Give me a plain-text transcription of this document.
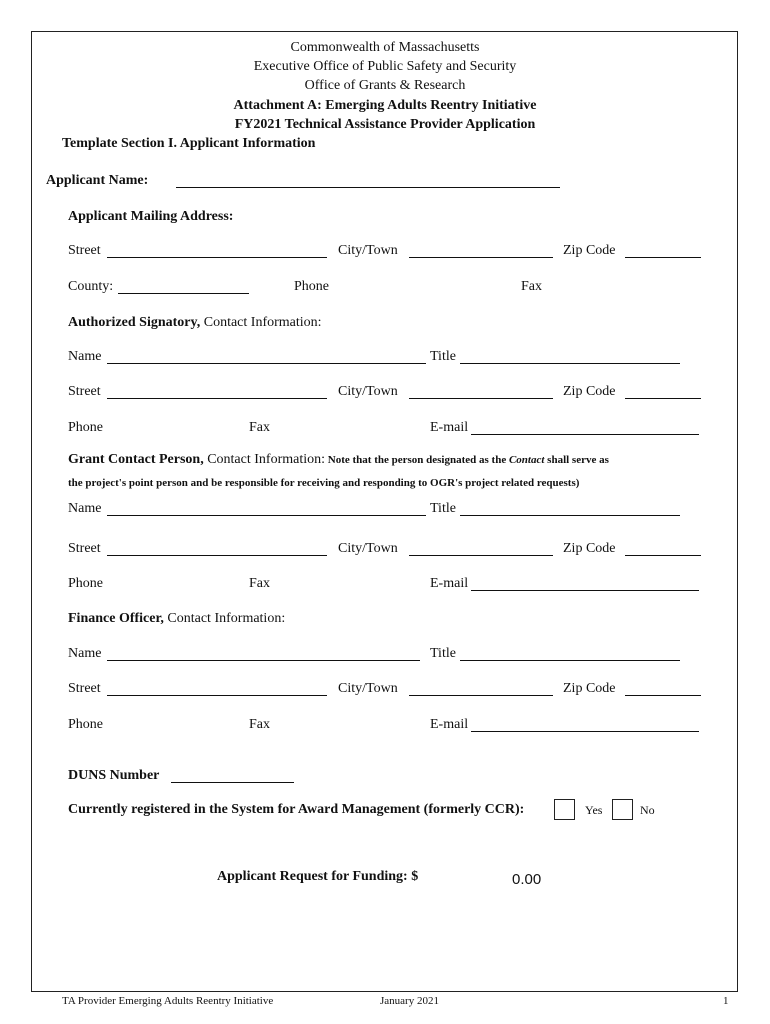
Commonwealth of Massachusetts
Executive Office of Public Safety and Security
Office of Grants & Research
Attachment A: Emerging Adults Reentry Initiative
FY2021 Technical Assistance Provider Application
Template Section I. Applicant Information
Applicant Name:
Applicant Mailing Address:
Street	City/Town	Zip Code
County:	Phone	Fax
Authorized Signatory, Contact Information:
Name	Title
Street	City/Town	Zip Code
Phone	Fax	E-mail
Grant Contact Person, Contact Information: Note that the person designated as the Contact shall serve as
the project's point person and be responsible for receiving and responding to OGR's project related requests)
Name	Title
Street	City/Town	Zip Code
Phone	Fax	E-mail
Finance Officer, Contact Information:
Name	Title
Street	City/Town	Zip Code
Phone	Fax	E-mail
DUNS Number
Currently registered in the System for Award Management (formerly CCR):	Yes	No
Applicant Request for Funding: $	0.00
TA Provider Emerging Adults Reentry Initiative	January 2021	1
